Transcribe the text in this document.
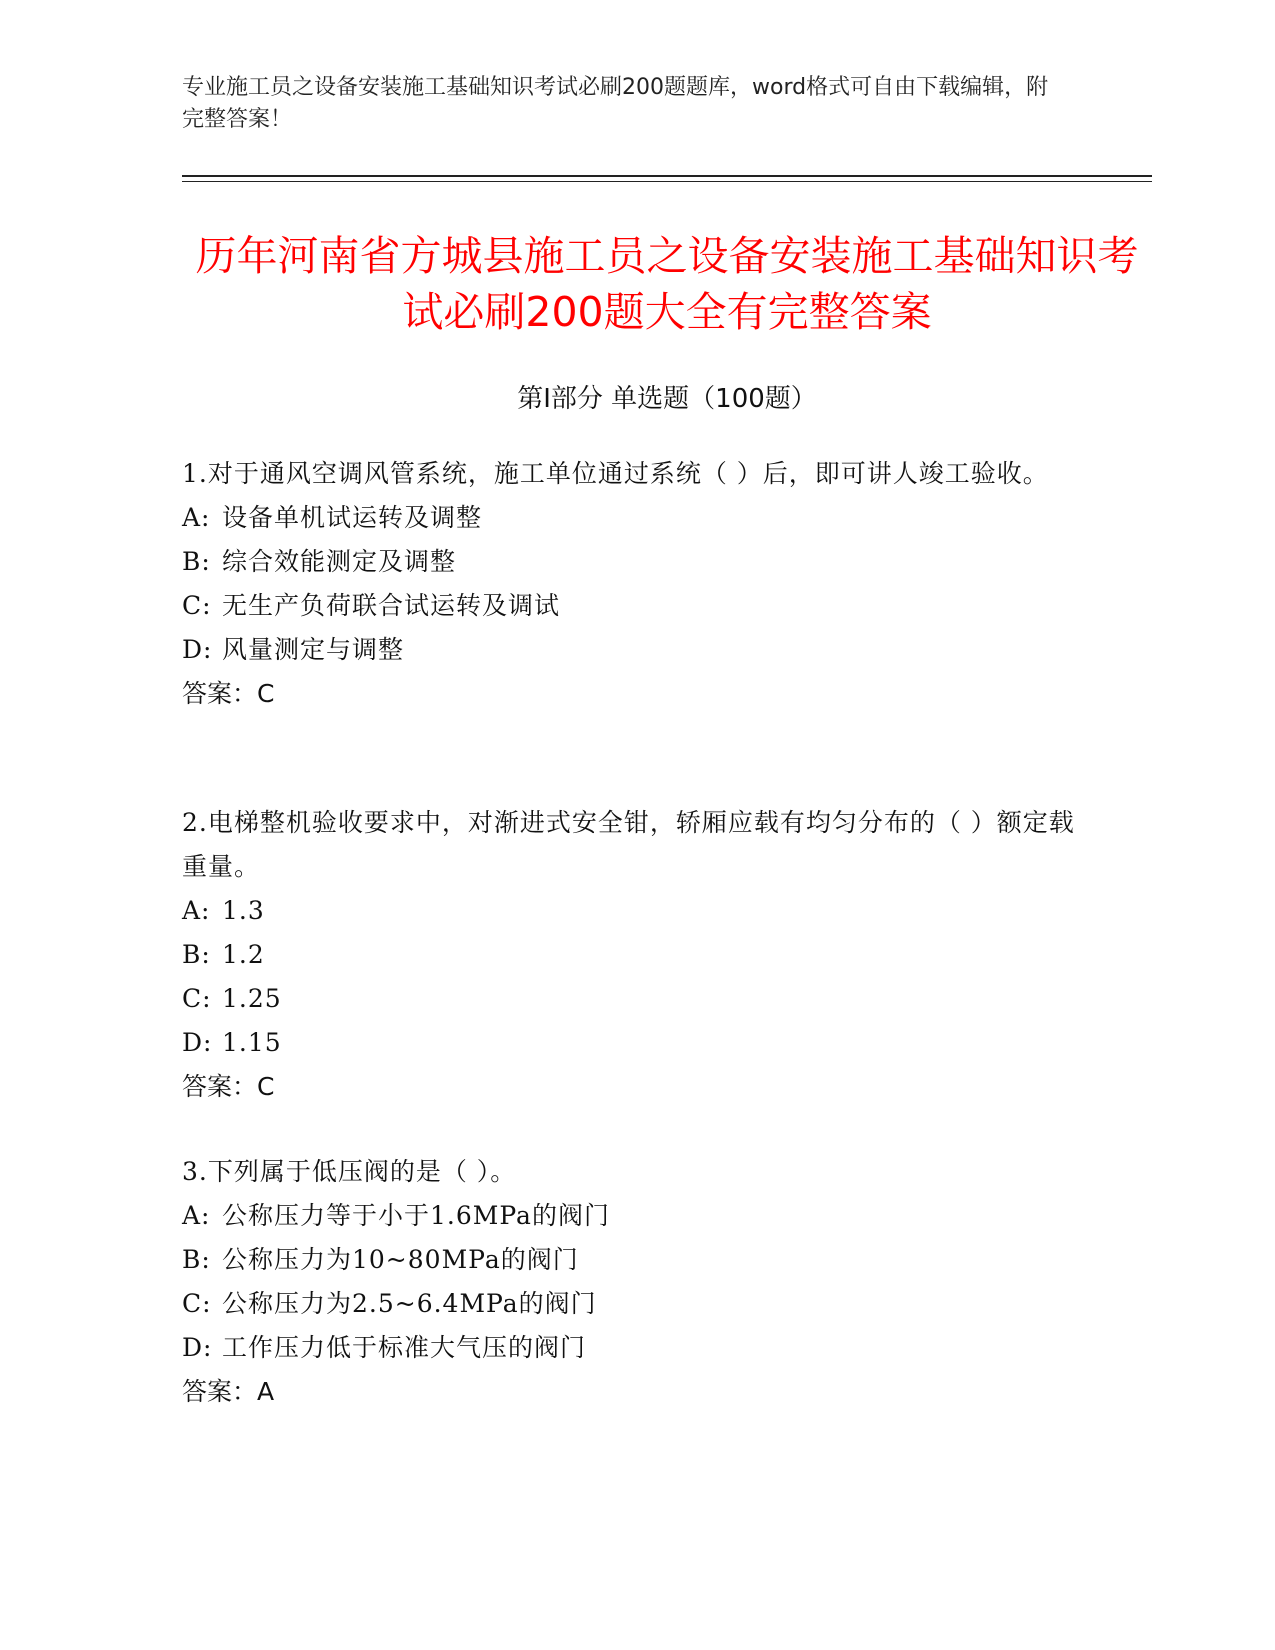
专业施工员之设备安装施工基础知识考试必刷200题题库，word格式可自由下载编辑，附完整答案！
历年河南省方城县施工员之设备安装施工基础知识考试必刷200题大全有完整答案
第Ⅰ部分 单选题（100题）
1.对于通风空调风管系统，施工单位通过系统（ ）后，即可讲人竣工验收。
A: 设备单机试运转及调整
B: 综合效能测定及调整
C: 无生产负荷联合试运转及调试
D: 风量测定与调整
答案：C
2.电梯整机验收要求中，对渐进式安全钳，轿厢应载有均匀分布的（ ）额定载重量。
A: 1.3
B: 1.2
C: 1.25
D: 1.15
答案：C
3.下列属于低压阀的是（ ）。
A: 公称压力等于小于1.6MPa的阀门
B: 公称压力为10~80MPa的阀门
C: 公称压力为2.5~6.4MPa的阀门
D: 工作压力低于标准大气压的阀门
答案：A
